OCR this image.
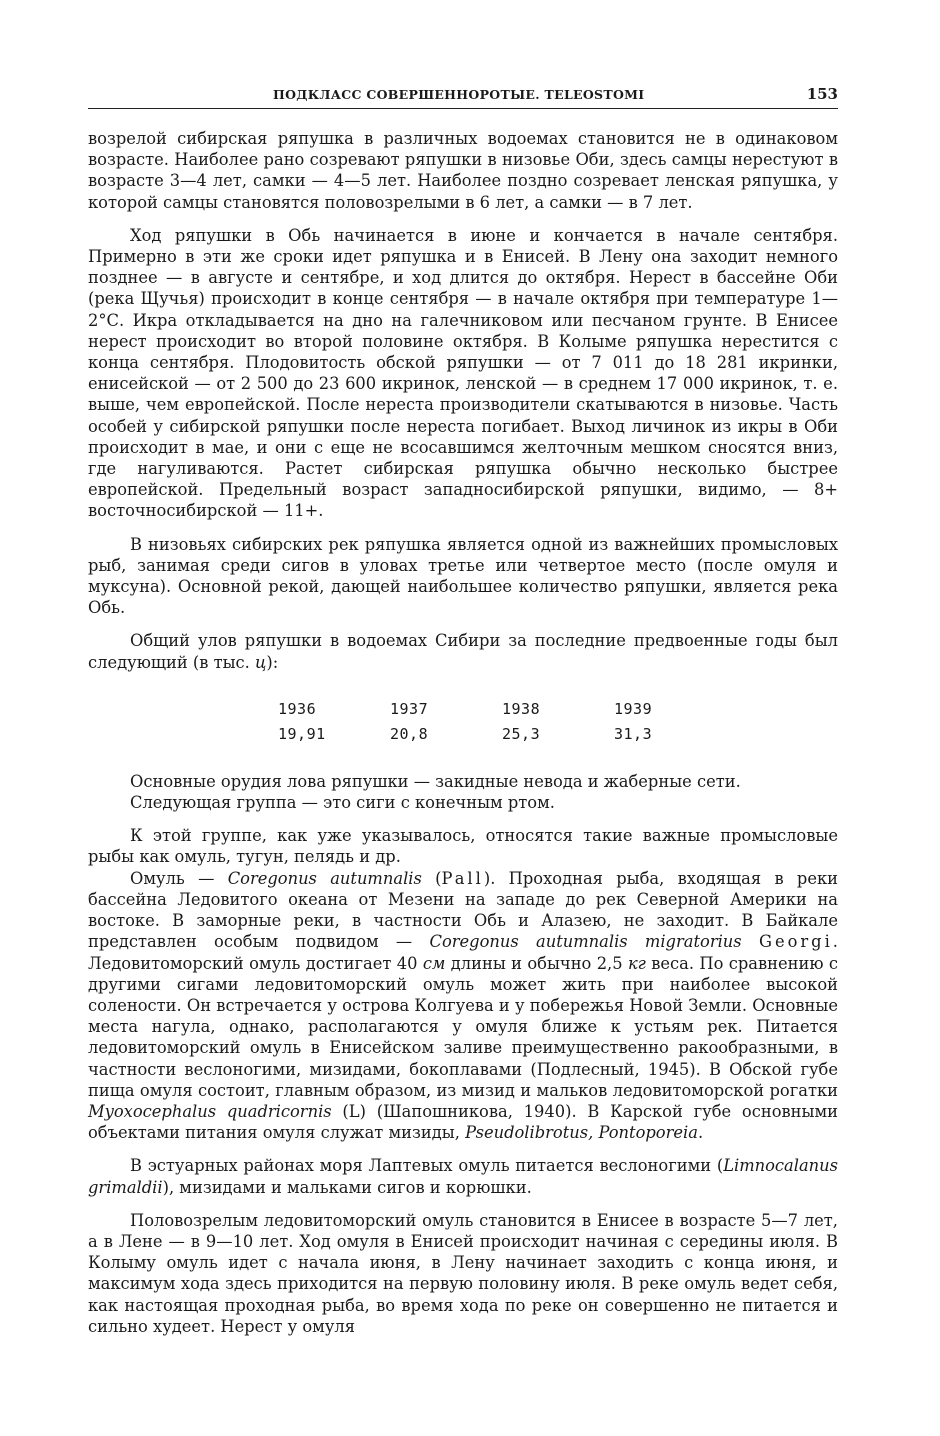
ПОДКЛАСС СОВЕРШЕННОРОТЫЕ. TELEOSTOMI	153

возрелой сибирская ряпушка в различных водоемах становится не в одинаковом возрасте. Наиболее рано созревают ряпушки в низовье Оби, здесь самцы нерестуют в возрасте 3—4 лет, самки — 4—5 лет. Наиболее поздно созревает ленская ряпушка, у которой самцы становятся половозрелыми в 6 лет, а самки — в 7 лет.

Ход ряпушки в Обь начинается в июне и кончается в начале сентября. Примерно в эти же сроки идет ряпушка и в Енисей. В Лену она заходит немного позднее — в августе и сентябре, и ход длится до октября. Нерест в бассейне Оби (река Щучья) происходит в конце сентября — в начале октября при температуре 1—2°С. Икра откладывается на дно на галечниковом или песчаном грунте. В Енисее нерест происходит во второй половине октября. В Колыме ряпушка нерестится с конца сентября. Плодовитость обской ряпушки — от 7 011 до 18 281 икринки, енисейской — от 2 500 до 23 600 икринок, ленской — в среднем 17 000 икринок, т. е. выше, чем европейской. После нереста производители скатываются в низовье. Часть особей у сибирской ряпушки после нереста погибает. Выход личинок из икры в Оби происходит в мае, и они с еще не всосавшимся желточным мешком сносятся вниз, где нагуливаются. Растет сибирская ряпушка обычно несколько быстрее европейской. Предельный возраст западносибирской ряпушки, видимо, — 8+ восточносибирской — 11+.

В низовьях сибирских рек ряпушка является одной из важнейших промысловых рыб, занимая среди сигов в уловах третье или четвертое место (после омуля и муксуна). Основной рекой, дающей наибольшее количество ряпушки, является река Обь.

Общий улов ряпушки в водоемах Сибири за последние предвоенные годы был следующий (в тыс. ц):

1936	1937	1938	1939
19,91	20,8	25,3	31,3

Основные орудия лова ряпушки — закидные невода и жаберные сети.

Следующая группа — это сиги с конечным ртом.

К этой группе, как уже указывалось, относятся такие важные промысловые рыбы как омуль, тугун, пелядь и др.

Омуль — Coregonus autumnalis (Pall). Проходная рыба, входящая в реки бассейна Ледовитого океана от Мезени на западе до рек Северной Америки на востоке. В заморные реки, в частности Обь и Алазею, не заходит. В Байкале представлен особым подвидом — Coregonus autumnalis migratorius Georgi. Ледовитоморский омуль достигает 40 см длины и обычно 2,5 кг веса. По сравнению с другими сигами ледовитоморский омуль может жить при наиболее высокой солености. Он встречается у острова Колгуева и у побережья Новой Земли. Основные места нагула, однако, располагаются у омуля ближе к устьям рек. Питается ледовитоморский омуль в Енисейском заливе преимущественно ракообразными, в частности веслоногими, мизидами, бокоплавами (Подлесный, 1945). В Обской губе пища омуля состоит, главным образом, из мизид и мальков ледовитоморской рогатки Myoxocephalus quadricornis (L) (Шапошникова, 1940). В Карской губе основными объектами питания омуля служат мизиды, Pseudolibrotus, Pontoporeia.

В эстуарных районах моря Лаптевых омуль питается веслоногими (Limnocalanus grimaldii), мизидами и мальками сигов и корюшки.

Половозрелым ледовитоморский омуль становится в Енисее в возрасте 5—7 лет, а в Лене — в 9—10 лет. Ход омуля в Енисей происходит начиная с середины июля. В Колыму омуль идет с начала июня, в Лену начинает заходить с конца июня, и максимум хода здесь приходится на первую половину июля. В реке омуль ведет себя, как настоящая проходная рыба, во время хода по реке он совершенно не питается и сильно худеет. Нерест у омуля
